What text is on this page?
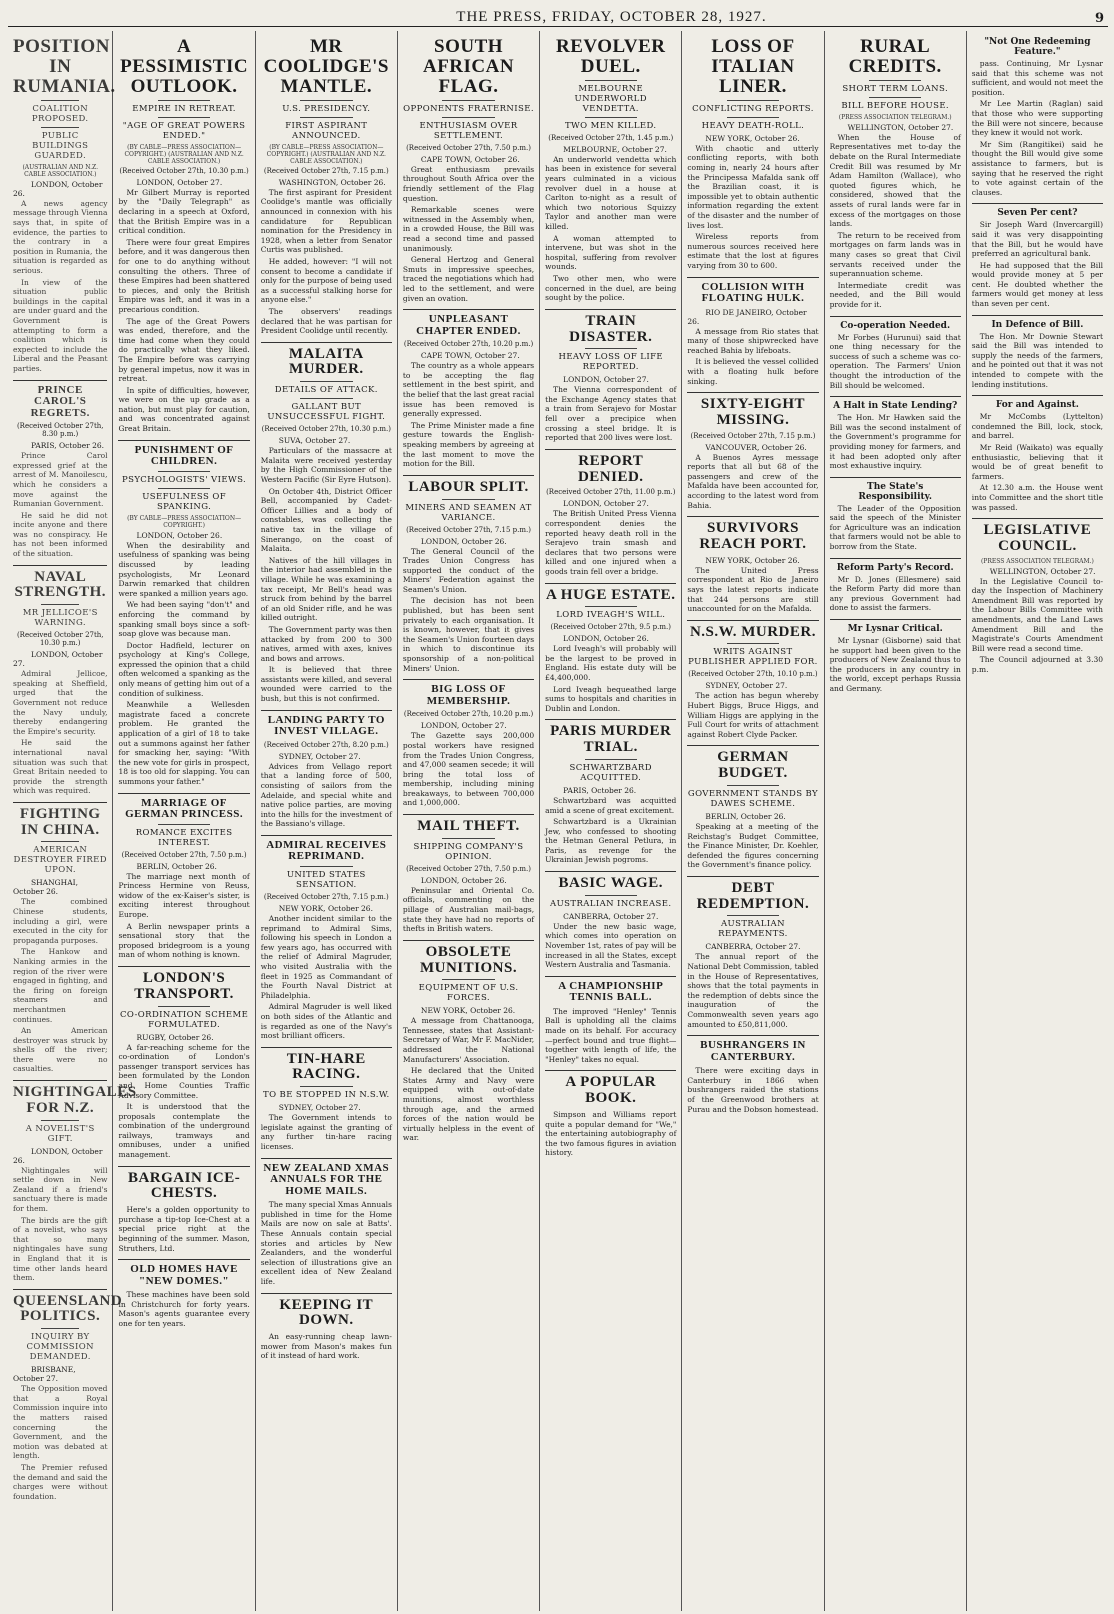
THE PRESS, FRIDAY, OCTOBER 28, 1927.	9
POSITION IN RUMANIA.
COALITION PROPOSED.
PUBLIC BUILDINGS GUARDED.
(AUSTRALIAN AND N.Z. CABLE ASSOCIATION.)
LONDON, October 26.

A news agency message through Vienna says that, in spite of evidence, the parties to the contrary in a position in Rumania, the situation is regarded as serious.

In view of the situation public buildings in the capital are under guard and the Government is attempting to form a coalition which is expected to include the Liberal and the Peasant parties.

PRINCE CAROL'S REGRETS.
(Received October 27th, 8.30 p.m.)
PARIS, October 26.

Prince Carol expressed grief at the arrest of M. Manoilescu, which he considers a move against the Rumanian Government.

He said he did not incite anyone and there was no conspiracy. He has not been informed of the situation.

NAVAL STRENGTH.
MR JELLICOE'S WARNING.
(Received October 27th, 10.30 p.m.)
LONDON, October 27.

Admiral Jellicoe, speaking at Sheffield, urged that the Government not reduce the Navy unduly, thereby endangering the Empire's security.

He said the international naval situation was such that Great Britain needed to provide the strength which was required.

FIGHTING IN CHINA.
AMERICAN DESTROYER FIRED UPON.
SHANGHAI, October 26.

The combined Chinese students, including a girl, were executed in the city for propaganda purposes.

The Hankow and Nanking armies in the region of the river were engaged in fighting, and the firing on foreign steamers and merchantmen continues.

An American destroyer was struck by shells off the river; there were no casualties.

NIGHTINGALES FOR N.Z.
A NOVELIST'S GIFT.
LONDON, October 26.

Nightingales will settle down in New Zealand if a friend's sanctuary there is made for them.

The birds are the gift of a novelist, who says that so many nightingales have sung in England that it is time other lands heard them.

QUEENSLAND POLITICS.
INQUIRY BY COMMISSION DEMANDED.
BRISBANE, October 27.

The Opposition moved that a Royal Commission inquire into the matters raised concerning the Government, and the motion was debated at length.

The Premier refused the demand and said the charges were without foundation.

A PESSIMISTIC OUTLOOK.
EMPIRE IN RETREAT.
"AGE OF GREAT POWERS ENDED."
(BY CABLE—PRESS ASSOCIATION—COPYRIGHT.) (AUSTRALIAN AND N.Z. CABLE ASSOCIATION.)
(Received October 27th, 10.30 p.m.)
LONDON, October 27.

Mr Gilbert Murray is reported by the "Daily Telegraph" as declaring in a speech at Oxford, that the British Empire was in a critical condition.

There were four great Empires before, and it was dangerous then for one to do anything without consulting the others. Three of these Empires had been shattered to pieces, and only the British Empire was left, and it was in a precarious condition.

The age of the Great Powers was ended, therefore, and the time had come when they could do practically what they liked. The Empire before was carrying by general impetus, now it was in retreat.

In spite of difficulties, however, we were on the up grade as a nation, but must play for caution, and was concentrated against Great Britain.

PUNISHMENT OF CHILDREN.
PSYCHOLOGISTS' VIEWS.
USEFULNESS OF SPANKING.
(BY CABLE—PRESS ASSOCIATION—COPYRIGHT.)
LONDON, October 26.

When the desirability and usefulness of spanking was being discussed by leading psychologists, Mr Leonard Darwin remarked that children were spanked a million years ago.

We had been saying "don't" and enforcing the command by spanking small boys since a soft-soap glove was because man.

Doctor Hadfield, lecturer on psychology at King's College, expressed the opinion that a child often welcomed a spanking as the only means of getting him out of a condition of sulkiness.

Meanwhile a Wellesden magistrate faced a concrete problem. He granted the application of a girl of 18 to take out a summons against her father for smacking her, saying: "With the new vote for girls in prospect, 18 is too old for slapping. You can summons your father."

MARRIAGE OF GERMAN PRINCESS.
ROMANCE EXCITES INTEREST.
(Received October 27th, 7.50 p.m.)
BERLIN, October 26.

The marriage next month of Princess Hermine von Reuss, widow of the ex-Kaiser's sister, is exciting interest throughout Europe.

A Berlin newspaper prints a sensational story that the proposed bridegroom is a young man of whom nothing is known.

LONDON'S TRANSPORT.
CO-ORDINATION SCHEME FORMULATED.
RUGBY, October 26.

A far-reaching scheme for the co-ordination of London's passenger transport services has been formulated by the London and Home Counties Traffic Advisory Committee.

It is understood that the proposals contemplate the combination of the underground railways, tramways and omnibuses, under a unified management.

BARGAIN ICE-CHESTS.

Here's a golden opportunity to purchase a tip-top Ice-Chest at a special price right at the beginning of the summer. Mason, Struthers, Ltd.

OLD HOMES HAVE "NEW DOMES."

These machines have been sold in Christchurch for forty years. Mason's agents guarantee every one for ten years.

MR COOLIDGE'S MANTLE.
U.S. PRESIDENCY.
FIRST ASPIRANT ANNOUNCED.
(BY CABLE—PRESS ASSOCIATION—COPYRIGHT.) (AUSTRALIAN AND N.Z. CABLE ASSOCIATION.)
(Received October 27th, 7.15 p.m.)
WASHINGTON, October 26.

The first aspirant for President Coolidge's mantle was officially announced in connexion with his candidature for Republican nomination for the Presidency in 1928, when a letter from Senator Curtis was published.

He added, however: "I will not consent to become a candidate if only for the purpose of being used as a successful stalking horse for anyone else."

The observers' readings declared that he was partisan for President Coolidge until recently.

MALAITA MURDER.
DETAILS OF ATTACK.
GALLANT BUT UNSUCCESSFUL FIGHT.
(Received October 27th, 10.30 p.m.)
SUVA, October 27.

Particulars of the massacre at Malaita were received yesterday by the High Commissioner of the Western Pacific (Sir Eyre Hutson).

On October 4th, District Officer Bell, accompanied by Cadet-Officer Lillies and a body of constables, was collecting the native tax in the village of Sinerango, on the coast of Malaita.

Natives of the hill villages in the interior had assembled in the village. While he was examining a tax receipt, Mr Bell's head was struck from behind by the barrel of an old Snider rifle, and he was killed outright.

The Government party was then attacked by from 200 to 300 natives, armed with axes, knives and bows and arrows.

It is believed that three assistants were killed, and several wounded were carried to the bush, but this is not confirmed.

LANDING PARTY TO INVEST VILLAGE.
(Received October 27th, 8.20 p.m.)
SYDNEY, October 27.

Advices from Vellago report that a landing force of 500, consisting of sailors from the Adelaide, and special white and native police parties, are moving into the hills for the investment of the Bassiano's village.

ADMIRAL RECEIVES REPRIMAND.
UNITED STATES SENSATION.
(Received October 27th, 7.15 p.m.)
NEW YORK, October 26.

Another incident similar to the reprimand to Admiral Sims, following his speech in London a few years ago, has occurred with the relief of Admiral Magruder, who visited Australia with the fleet in 1925 as Commandant of the Fourth Naval District at Philadelphia.

Admiral Magruder is well liked on both sides of the Atlantic and is regarded as one of the Navy's most brilliant officers.

TIN-HARE RACING.
TO BE STOPPED IN N.S.W.
SYDNEY, October 27.

The Government intends to legislate against the granting of any further tin-hare racing licenses.

NEW ZEALAND XMAS ANNUALS FOR THE HOME MAILS.

The many special Xmas Annuals published in time for the Home Mails are now on sale at Batts'. These Annuals contain special stories and articles by New Zealanders, and the wonderful selection of illustrations give an excellent idea of New Zealand life.

KEEPING IT DOWN.

An easy-running cheap lawn-mower from Mason's makes fun of it instead of hard work.

SOUTH AFRICAN FLAG.
OPPONENTS FRATERNISE.
ENTHUSIASM OVER SETTLEMENT.
(Received October 27th, 7.50 p.m.)
CAPE TOWN, October 26.

Great enthusiasm prevails throughout South Africa over the friendly settlement of the Flag question.

Remarkable scenes were witnessed in the Assembly when, in a crowded House, the Bill was read a second time and passed unanimously.

General Hertzog and General Smuts in impressive speeches, traced the negotiations which had led to the settlement, and were given an ovation.

UNPLEASANT CHAPTER ENDED.
(Received October 27th, 10.20 p.m.)
CAPE TOWN, October 27.

The country as a whole appears to be accepting the flag settlement in the best spirit, and the belief that the last great racial issue has been removed is generally expressed.

The Prime Minister made a fine gesture towards the English-speaking members by agreeing at the last moment to move the motion for the Bill.

LABOUR SPLIT.
MINERS AND SEAMEN AT VARIANCE.
(Received October 27th, 7.15 p.m.)
LONDON, October 26.

The General Council of the Trades Union Congress has supported the conduct of the Miners' Federation against the Seamen's Union.

The decision has not been published, but has been sent privately to each organisation. It is known, however, that it gives the Seamen's Union fourteen days in which to discontinue its sponsorship of a non-political Miners' Union.

BIG LOSS OF MEMBERSHIP.
(Received October 27th, 10.20 p.m.)
LONDON, October 27.

The Gazette says 200,000 postal workers have resigned from the Trades Union Congress, and 47,000 seamen secede; it will bring the total loss of membership, including mining breakaways, to between 700,000 and 1,000,000.

MAIL THEFT.
SHIPPING COMPANY'S OPINION.
(Received October 27th, 7.50 p.m.)
LONDON, October 26.

Peninsular and Oriental Co. officials, commenting on the pillage of Australian mail-bags, state they have had no reports of thefts in British waters.

OBSOLETE MUNITIONS.
EQUIPMENT OF U.S. FORCES.
NEW YORK, October 26.

A message from Chattanooga, Tennessee, states that Assistant-Secretary of War, Mr F. MacNider, addressed the National Manufacturers' Association.

He declared that the United States Army and Navy were equipped with out-of-date munitions, almost worthless through age, and the armed forces of the nation would be virtually helpless in the event of war.

REVOLVER DUEL.
MELBOURNE UNDERWORLD VENDETTA.
TWO MEN KILLED.
(Received October 27th, 1.45 p.m.)
MELBOURNE, October 27.

An underworld vendetta which has been in existence for several years culminated in a vicious revolver duel in a house at Carlton to-night as a result of which two notorious Squizzy Taylor and another man were killed.

A woman attempted to intervene, but was shot in the hospital, suffering from revolver wounds.

Two other men, who were concerned in the duel, are being sought by the police.

TRAIN DISASTER.
HEAVY LOSS OF LIFE REPORTED.
LONDON, October 27.

The Vienna correspondent of the Exchange Agency states that a train from Serajevo for Mostar fell over a precipice when crossing a steel bridge. It is reported that 200 lives were lost.

REPORT DENIED.
(Received October 27th, 11.00 p.m.)
LONDON, October 27.

The British United Press Vienna correspondent denies the reported heavy death roll in the Serajevo train smash and declares that two persons were killed and one injured when a goods train fell over a bridge.

A HUGE ESTATE.
LORD IVEAGH'S WILL.
(Received October 27th, 9.5 p.m.)
LONDON, October 26.

Lord Iveagh's will probably will be the largest to be proved in England. His estate duty will be £4,400,000.

Lord Iveagh bequeathed large sums to hospitals and charities in Dublin and London.

PARIS MURDER TRIAL.
SCHWARTZBARD ACQUITTED.
PARIS, October 26.

Schwartzbard was acquitted amid a scene of great excitement.

Schwartzbard is a Ukrainian Jew, who confessed to shooting the Hetman General Petlura, in Paris, as revenge for the Ukrainian Jewish pogroms.

BASIC WAGE.
AUSTRALIAN INCREASE.
CANBERRA, October 27.

Under the new basic wage, which comes into operation on November 1st, rates of pay will be increased in all the States, except Western Australia and Tasmania.

A CHAMPIONSHIP TENNIS BALL.

The improved "Henley" Tennis Ball is upholding all the claims made on its behalf. For accuracy—perfect bound and true flight—together with length of life, the "Henley" takes no equal.

A POPULAR BOOK.

Simpson and Williams report quite a popular demand for "We," the entertaining autobiography of the two famous figures in aviation history.

LOSS OF ITALIAN LINER.
CONFLICTING REPORTS.
HEAVY DEATH-ROLL.
NEW YORK, October 26.

With chaotic and utterly conflicting reports, with both coming in, nearly 24 hours after the Principessa Mafalda sank off the Brazilian coast, it is impossible yet to obtain authentic information regarding the extent of the disaster and the number of lives lost.

Wireless reports from numerous sources received here estimate that the lost at figures varying from 30 to 600.

COLLISION WITH FLOATING HULK.
RIO DE JANEIRO, October 26.

A message from Rio states that many of those shipwrecked have reached Bahia by lifeboats.

It is believed the vessel collided with a floating hulk before sinking.

SIXTY-EIGHT MISSING.
(Received October 27th, 7.15 p.m.)
VANCOUVER, October 26.

A Buenos Ayres message reports that all but 68 of the passengers and crew of the Mafalda have been accounted for, according to the latest word from Bahia.

SURVIVORS REACH PORT.
NEW YORK, October 26.

The United Press correspondent at Rio de Janeiro says the latest reports indicate that 244 persons are still unaccounted for on the Mafalda.

N.S.W. MURDER.
WRITS AGAINST PUBLISHER APPLIED FOR.
(Received October 27th, 10.10 p.m.)
SYDNEY, October 27.

The action has begun whereby Hubert Biggs, Bruce Higgs, and William Higgs are applying in the Full Court for writs of attachment against Robert Clyde Packer.

GERMAN BUDGET.
GOVERNMENT STANDS BY DAWES SCHEME.
BERLIN, October 26.

Speaking at a meeting of the Reichstag's Budget Committee, the Finance Minister, Dr. Koehler, defended the figures concerning the Government's finance policy.

DEBT REDEMPTION.
AUSTRALIAN REPAYMENTS.
CANBERRA, October 27.

The annual report of the National Debt Commission, tabled in the House of Representatives, shows that the total payments in the redemption of debts since the inauguration of the Commonwealth seven years ago amounted to £50,811,000.

BUSHRANGERS IN CANTERBURY.

There were exciting days in Canterbury in 1866 when bushrangers raided the stations of the Greenwood brothers at Purau and the Dobson homestead.

RURAL CREDITS.
SHORT TERM LOANS.
BILL BEFORE HOUSE.
(PRESS ASSOCIATION TELEGRAM.)
WELLINGTON, October 27.

When the House of Representatives met to-day the debate on the Rural Intermediate Credit Bill was resumed by Mr Adam Hamilton (Wallace), who quoted figures which, he considered, showed that the assets of rural lands were far in excess of the mortgages on those lands.

The return to be received from mortgages on farm lands was in many cases so great that Civil servants received under the superannuation scheme.

Intermediate credit was needed, and the Bill would provide for it.

Co-operation Needed.

Mr Forbes (Hurunui) said that one thing necessary for the success of such a scheme was co-operation. The Farmers' Union thought the introduction of the Bill should be welcomed.

A Halt in State Lending?

The Hon. Mr Hawken said the Bill was the second instalment of the Government's programme for providing money for farmers, and it had been adopted only after most exhaustive inquiry.

The State's Responsibility.

The Leader of the Opposition said the speech of the Minister for Agriculture was an indication that farmers would not be able to borrow from the State.

Reform Party's Record.

Mr D. Jones (Ellesmere) said the Reform Party did more than any previous Government had done to assist the farmers.

Mr Lysnar Critical.

Mr Lysnar (Gisborne) said that he support had been given to the producers of New Zealand thus to the producers in any country in the world, except perhaps Russia and Germany.

"Not One Redeeming Feature."

pass. Continuing, Mr Lysnar said that this scheme was not sufficient, and would not meet the position.

Mr Lee Martin (Raglan) said that those who were supporting the Bill were not sincere, because they knew it would not work.

Mr Sim (Rangitikei) said he thought the Bill would give some assistance to farmers, but is saying that he reserved the right to vote against certain of the clauses.

Seven Per cent?

Sir Joseph Ward (Invercargill) said it was very disappointing that the Bill, but he would have preferred an agricultural bank.

He had supposed that the Bill would provide money at 5 per cent. He doubted whether the farmers would get money at less than seven per cent.

In Defence of Bill.

The Hon. Mr Downie Stewart said the Bill was intended to supply the needs of the farmers, and he pointed out that it was not intended to compete with the lending institutions.

For and Against.

Mr McCombs (Lyttelton) condemned the Bill, lock, stock, and barrel.

Mr Reid (Waikato) was equally enthusiastic, believing that it would be of great benefit to farmers.

At 12.30 a.m. the House went into Committee and the short title was passed.

LEGISLATIVE COUNCIL.
(PRESS ASSOCIATION TELEGRAM.)
WELLINGTON, October 27.

In the Legislative Council to-day the Inspection of Machinery Amendment Bill was reported by the Labour Bills Committee with amendments, and the Land Laws Amendment Bill and the Magistrate's Courts Amendment Bill were read a second time.

The Council adjourned at 3.30 p.m.
